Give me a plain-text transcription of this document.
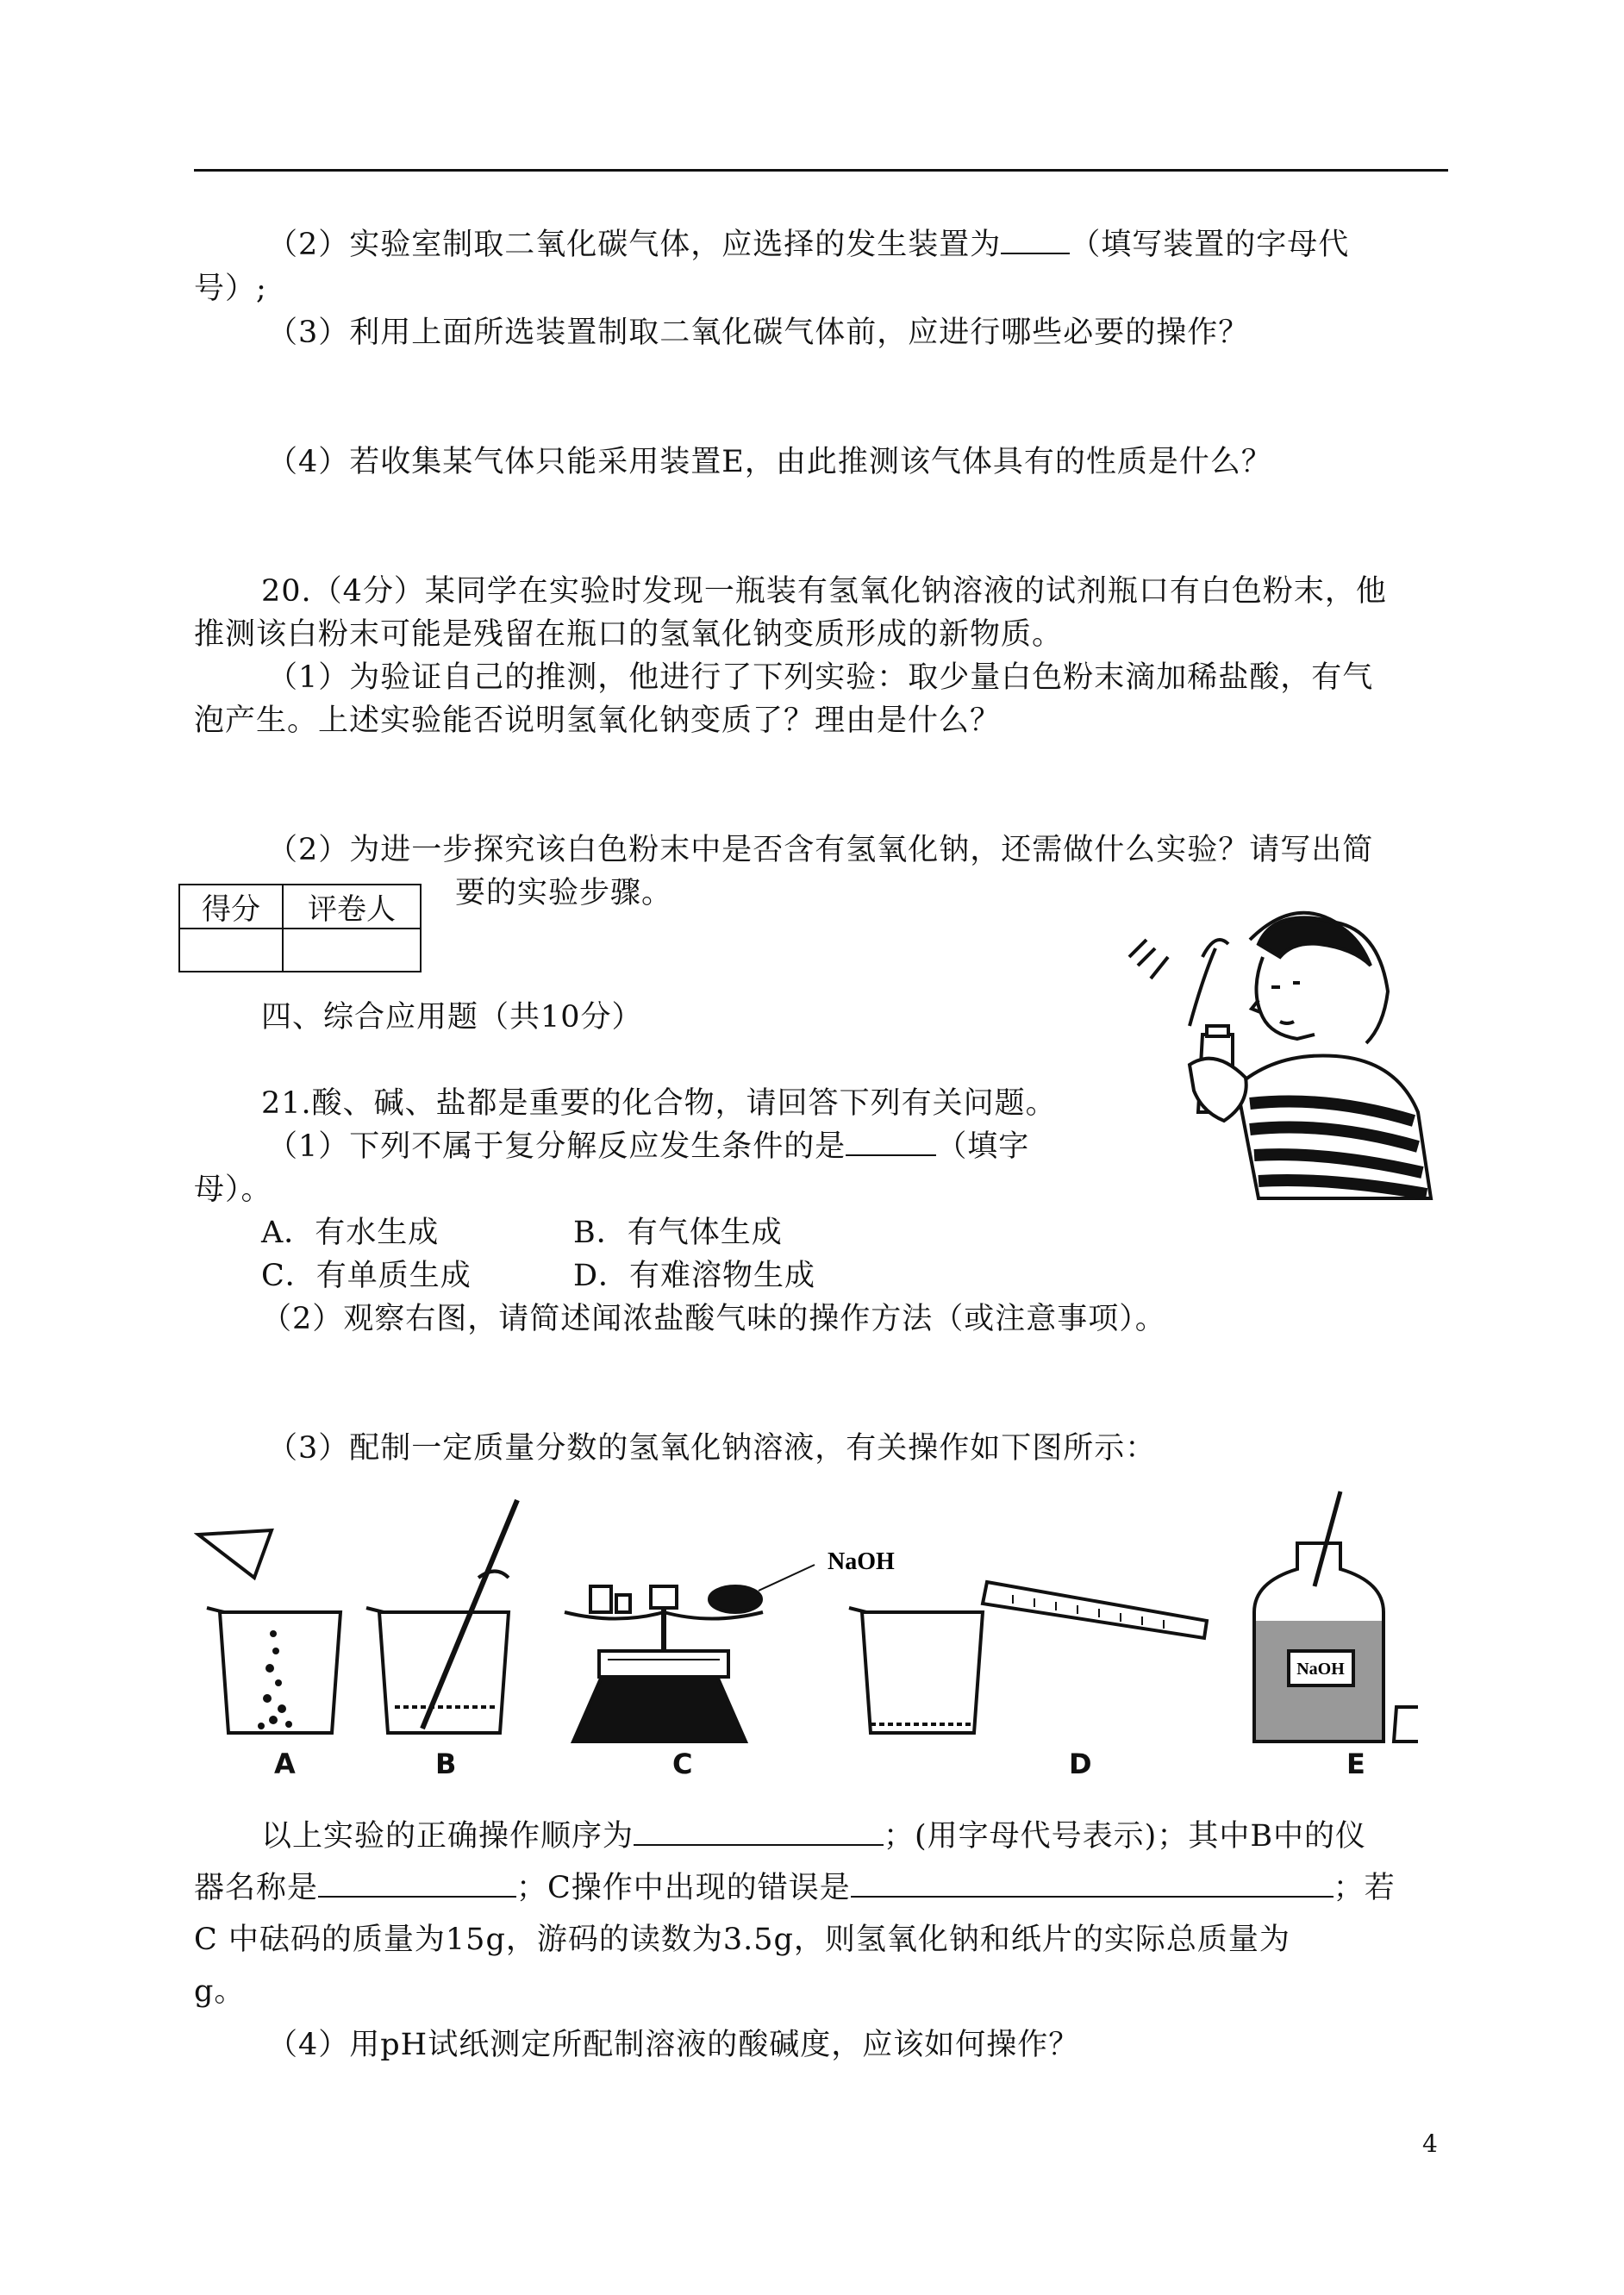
（2）实验室制取二氧化碳气体，应选择的发生装置为 （填写装置的字母代
号）;
（3）利用上面所选装置制取二氧化碳气体前，应进行哪些必要的操作？
（4）若收集某气体只能采用装置E，由此推测该气体具有的性质是什么？
20.（4分）某同学在实验时发现一瓶装有氢氧化钠溶液的试剂瓶口有白色粉末，他
推测该白粉末可能是残留在瓶口的氢氧化钠变质形成的新物质。
（1）为验证自己的推测，他进行了下列实验：取少量白色粉末滴加稀盐酸，有气
泡产生。上述实验能否说明氢氧化钠变质了？理由是什么？
（2）为进一步探究该白色粉末中是否含有氢氧化钠，还需做什么实验？请写出简
要的实验步骤。
得分	评卷人

四、综合应用题（共10分）
21.酸、碱、盐都是重要的化合物，请回答下列有关问题。
（1）下列不属于复分解反应发生条件的是	（填字
母）。
A．有水生成	B．有气体生成
C．有单质生成	D．有难溶物生成
（2）观察右图，请简述闻浓盐酸气味的操作方法（或注意事项）。
（3）配制一定质量分数的氢氧化钠溶液，有关操作如下图所示：
NaOH
NaOH
A	B	C	D	E
以上实验的正确操作顺序为	；(用字母代号表示)；其中B中的仪
器名称是	；C操作中出现的错误是	；若
C 中砝码的质量为15g，游码的读数为3.5g，则氢氧化钠和纸片的实际总质量为
g。
（4）用pH试纸测定所配制溶液的酸碱度，应该如何操作？
4
